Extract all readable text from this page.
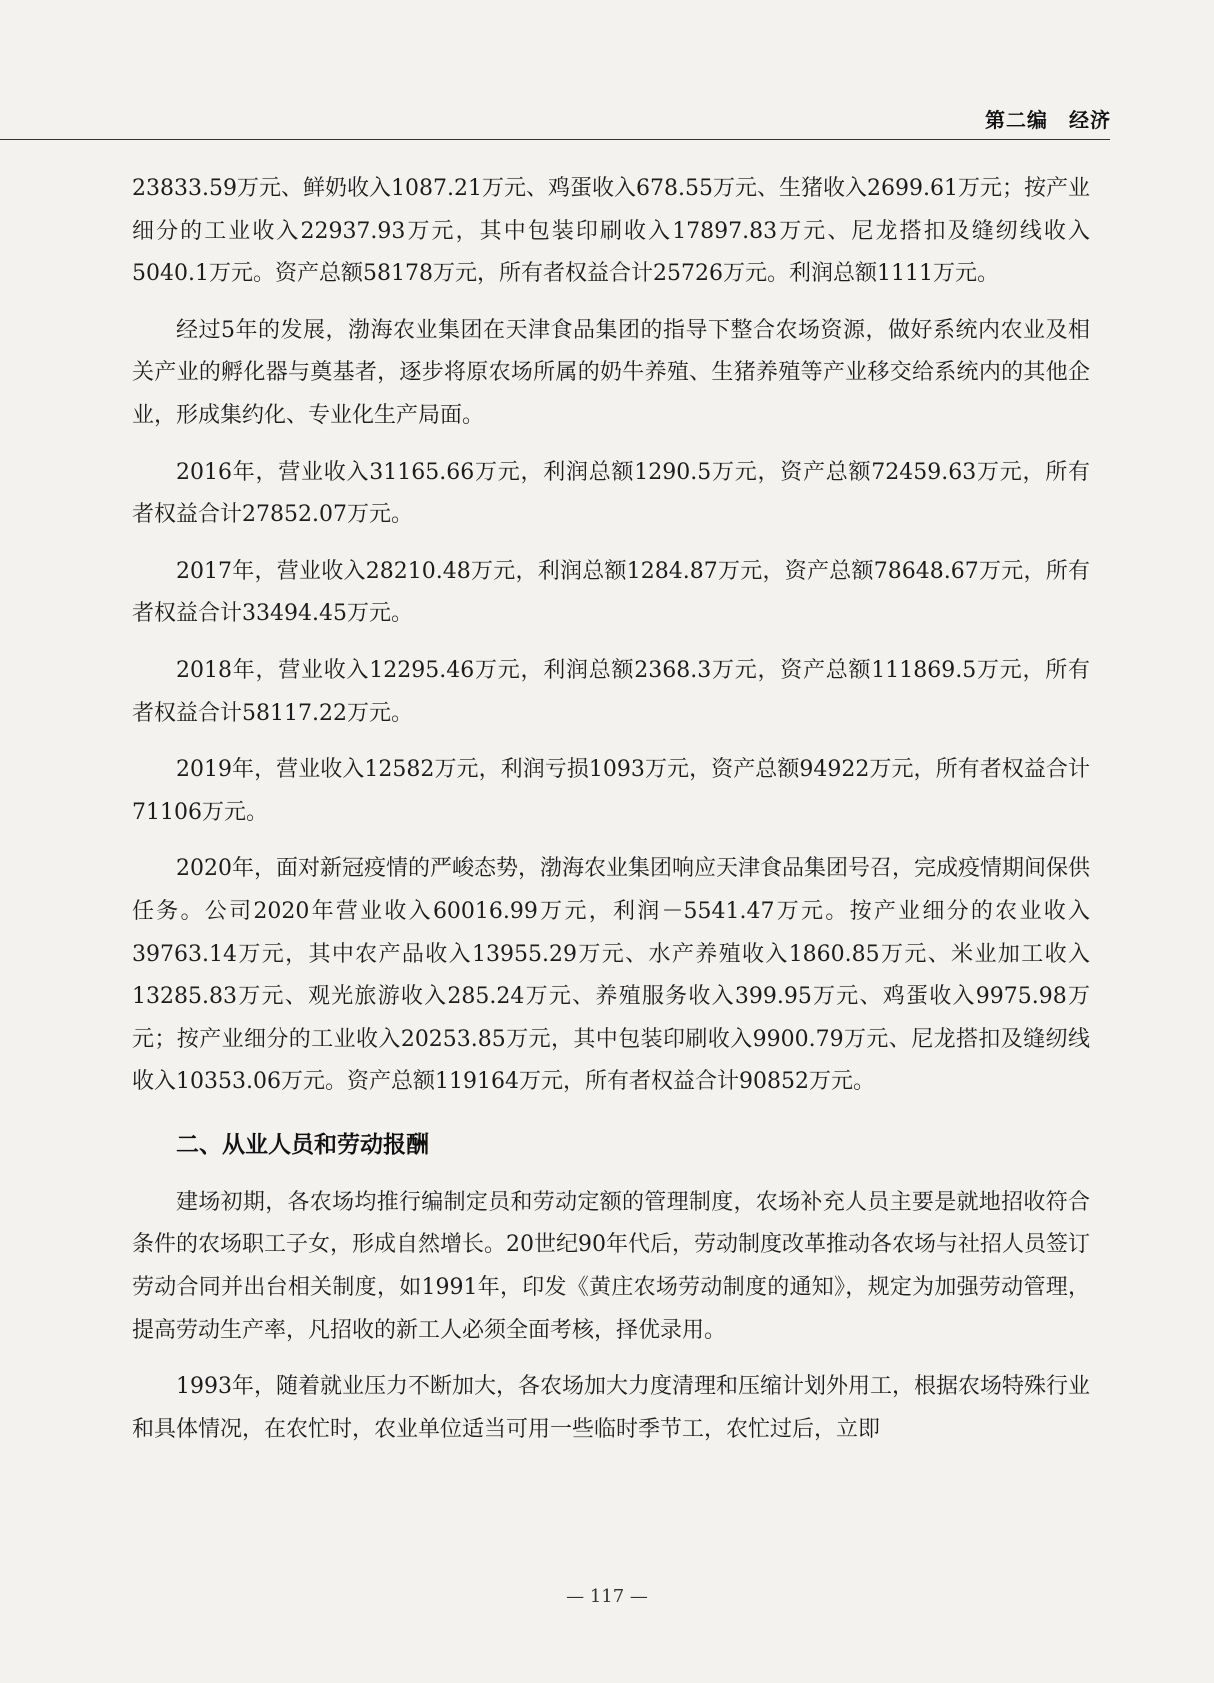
第二编　经济

23833.59万元、鲜奶收入1087.21万元、鸡蛋收入678.55万元、生猪收入2699.61万元；按产业细分的工业收入22937.93万元，其中包装印刷收入17897.83万元、尼龙搭扣及缝纫线收入5040.1万元。资产总额58178万元，所有者权益合计25726万元。利润总额1111万元。

经过5年的发展，渤海农业集团在天津食品集团的指导下整合农场资源，做好系统内农业及相关产业的孵化器与奠基者，逐步将原农场所属的奶牛养殖、生猪养殖等产业移交给系统内的其他企业，形成集约化、专业化生产局面。

2016年，营业收入31165.66万元，利润总额1290.5万元，资产总额72459.63万元，所有者权益合计27852.07万元。

2017年，营业收入28210.48万元，利润总额1284.87万元，资产总额78648.67万元，所有者权益合计33494.45万元。

2018年，营业收入12295.46万元，利润总额2368.3万元，资产总额111869.5万元，所有者权益合计58117.22万元。

2019年，营业收入12582万元，利润亏损1093万元，资产总额94922万元，所有者权益合计71106万元。

2020年，面对新冠疫情的严峻态势，渤海农业集团响应天津食品集团号召，完成疫情期间保供任务。公司2020年营业收入60016.99万元，利润－5541.47万元。按产业细分的农业收入39763.14万元，其中农产品收入13955.29万元、水产养殖收入1860.85万元、米业加工收入13285.83万元、观光旅游收入285.24万元、养殖服务收入399.95万元、鸡蛋收入9975.98万元；按产业细分的工业收入20253.85万元，其中包装印刷收入9900.79万元、尼龙搭扣及缝纫线收入10353.06万元。资产总额119164万元，所有者权益合计90852万元。

二、从业人员和劳动报酬

建场初期，各农场均推行编制定员和劳动定额的管理制度，农场补充人员主要是就地招收符合条件的农场职工子女，形成自然增长。20世纪90年代后，劳动制度改革推动各农场与社招人员签订劳动合同并出台相关制度，如1991年，印发《黄庄农场劳动制度的通知》，规定为加强劳动管理，提高劳动生产率，凡招收的新工人必须全面考核，择优录用。

1993年，随着就业压力不断加大，各农场加大力度清理和压缩计划外用工，根据农场特殊行业和具体情况，在农忙时，农业单位适当可用一些临时季节工，农忙过后，立即

— 117 —
